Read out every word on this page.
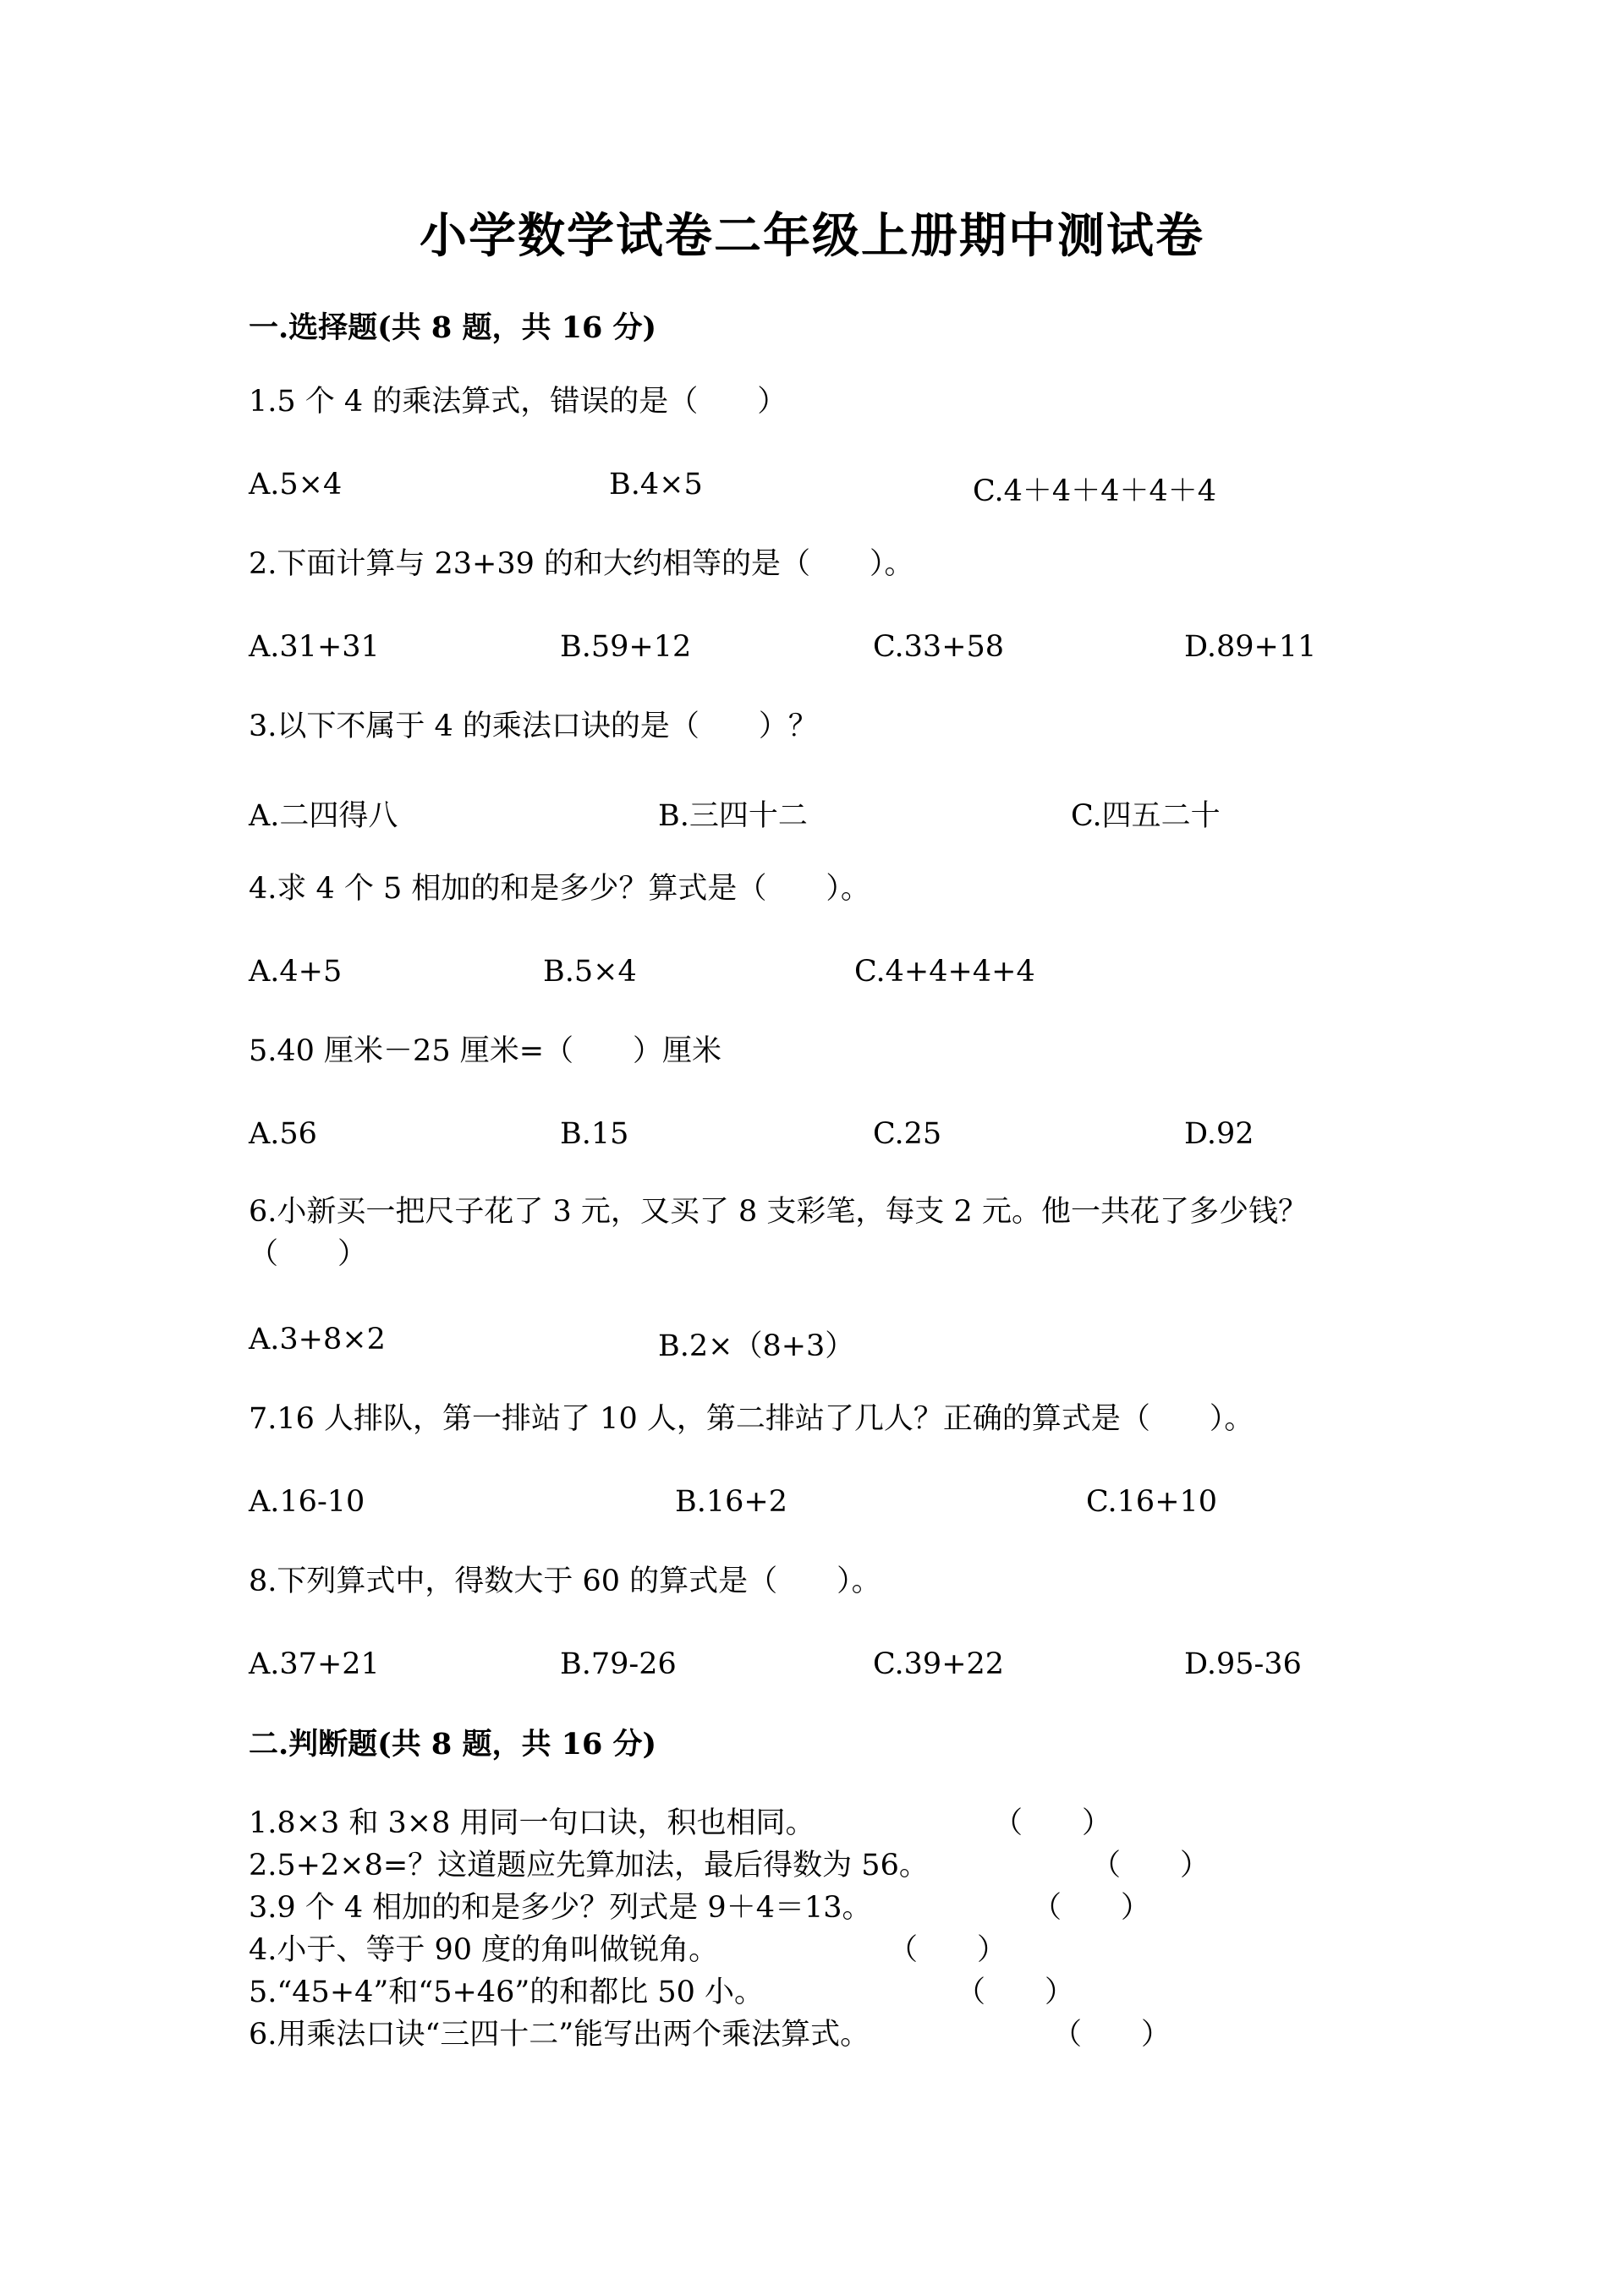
小学数学试卷二年级上册期中测试卷
一.选择题(共 8 题，共 16 分)
1.5 个 4 的乘法算式，错误的是（　　）
A.5×4	B.4×5	C.4＋4＋4＋4＋4
2.下面计算与 23+39 的和大约相等的是（　　）。
A.31+31	B.59+12	C.33+58	D.89+11
3.以下不属于 4 的乘法口诀的是（　　）？
A.二四得八	B.三四十二	C.四五二十
4.求 4 个 5 相加的和是多少？算式是（　　）。
A.4+5	B.5×4	C.4+4+4+4
5.40 厘米－25 厘米=（　　）厘米
A.56	B.15	C.25	D.92
6.小新买一把尺子花了 3 元，又买了 8 支彩笔，每支 2 元。他一共花了多少钱？（　　）
A.3+8×2	B.2×（8+3）
7.16 人排队，第一排站了 10 人，第二排站了几人？正确的算式是（　　）。
A.16-10	B.16+2	C.16+10
8.下列算式中，得数大于 60 的算式是（　　）。
A.37+21	B.79-26	C.39+22	D.95-36
二.判断题(共 8 题，共 16 分)
1.8×3 和 3×8 用同一句口诀，积也相同。	（　　）
2.5+2×8=？这道题应先算加法，最后得数为 56。	（　　）
3.9 个 4 相加的和是多少？列式是 9＋4＝13。	（　　）
4.小于、等于 90 度的角叫做锐角。	（　　）
5.“45+4”和“5+46”的和都比 50 小。	（　　）
6.用乘法口诀“三四十二”能写出两个乘法算式。	（　　）
